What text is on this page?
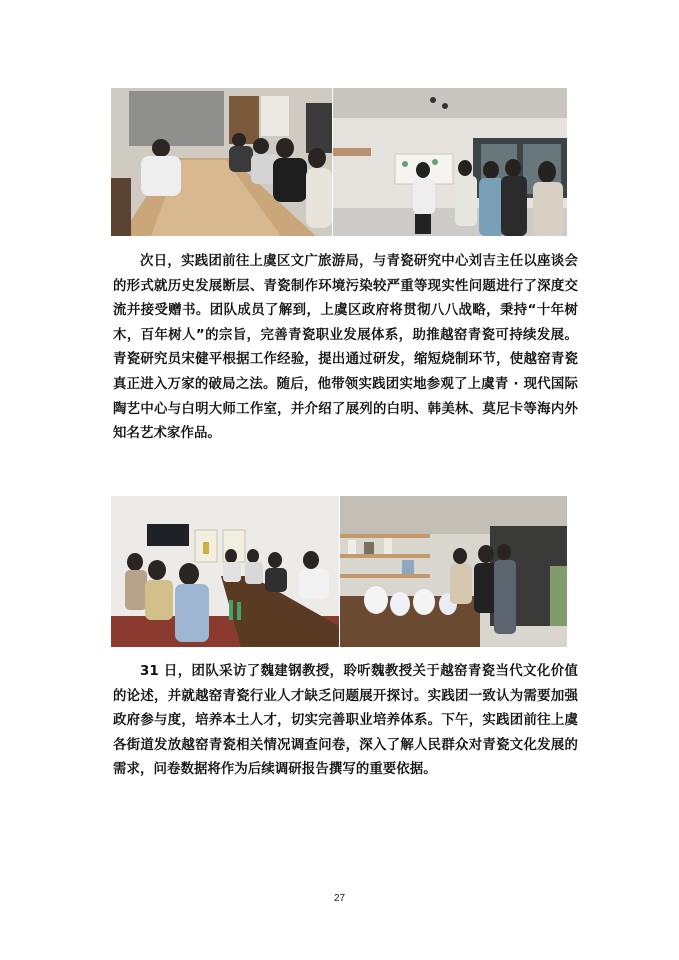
次日，实践团前往上虞区文广旅游局，与青瓷研究中心刘吉主任以座谈会的形式就历史发展断层、青瓷制作环境污染较严重等现实性问题进行了深度交流并接受赠书。团队成员了解到，上虞区政府将贯彻八八战略，秉持“十年树木，百年树人”的宗旨，完善青瓷职业发展体系，助推越窑青瓷可持续发展。青瓷研究员宋健平根据工作经验，提出通过研发，缩短烧制环节，使越窑青瓷真正进入万家的破局之法。随后，他带领实践团实地参观了上虞青 · 现代国际陶艺中心与白明大师工作室，并介绍了展列的白明、韩美林、莫尼卡等海内外知名艺术家作品。

31 日，团队采访了魏建钢教授，聆听魏教授关于越窑青瓷当代文化价值的论述，并就越窑青瓷行业人才缺乏问题展开探讨。实践团一致认为需要加强政府参与度，培养本土人才，切实完善职业培养体系。下午，实践团前往上虞各街道发放越窑青瓷相关情况调查问卷，深入了解人民群众对青瓷文化发展的需求，问卷数据将作为后续调研报告撰写的重要依据。

27
